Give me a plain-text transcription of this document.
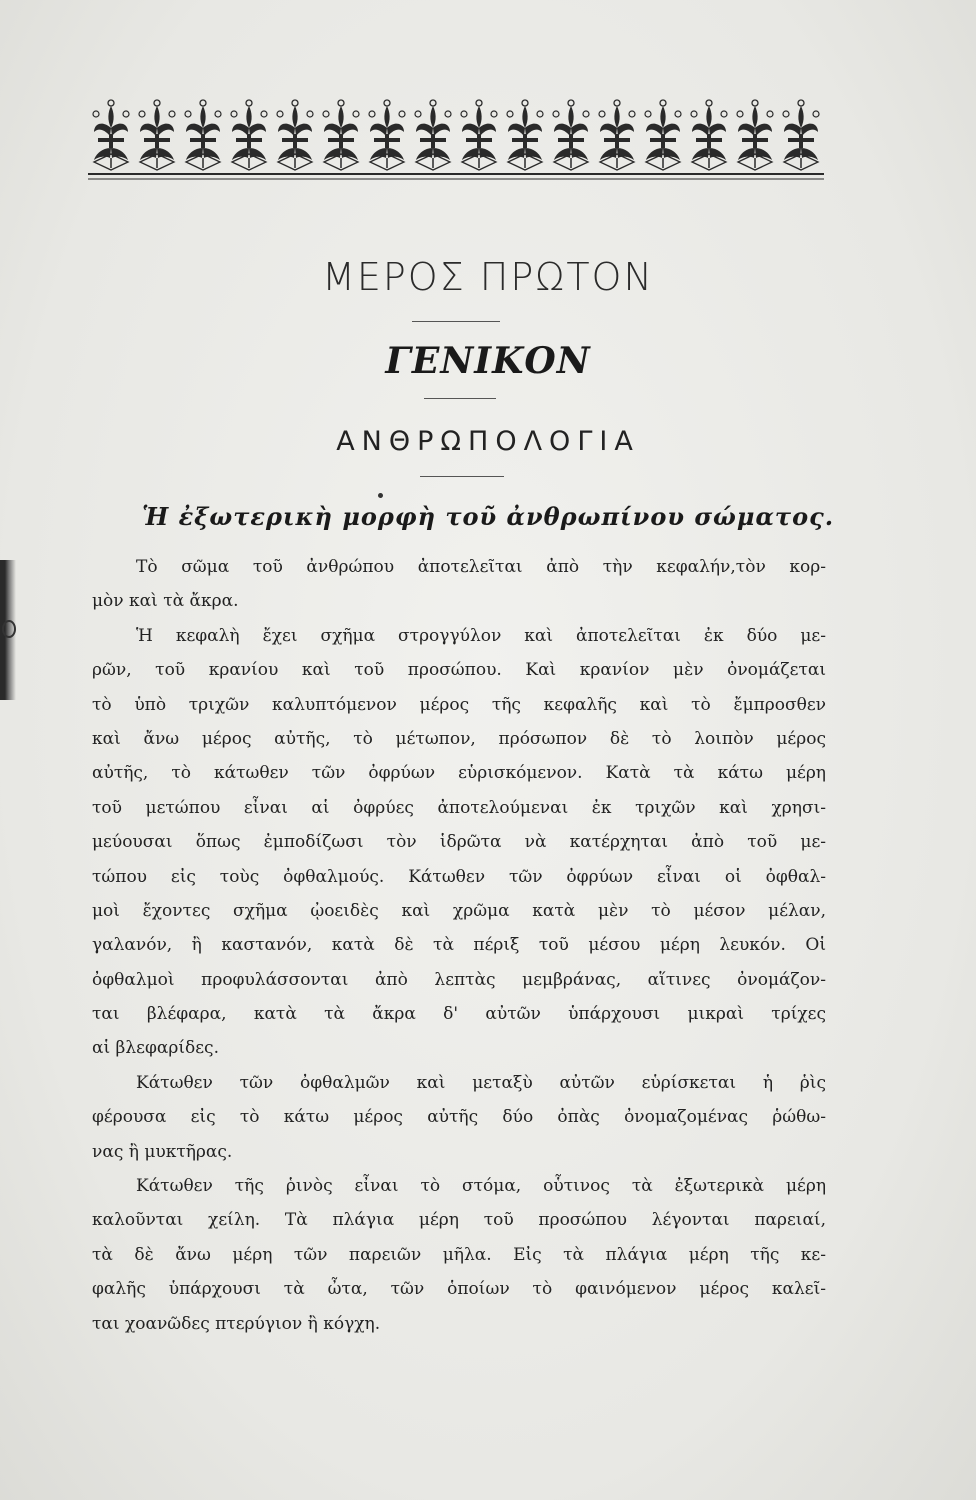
ΜΕΡΟΣ ΠΡΩΤΟΝ
ΓΕΝΙΚΟΝ
ΑΝΘΡΩΠΟΛΟΓΙΑ
Ἡ ἐξωτερικὴ μορφὴ τοῦ ἀνθρωπίνου σώματος.
Τὸ σῶμα τοῦ ἀνθρώπου ἀποτελεῖται ἀπὸ τὴν κεφαλήν,τὸν κορ-
μὸν καὶ τὰ ἄκρα.
Ἡ κεφαλὴ ἔχει σχῆμα στρογγύλον καὶ ἀποτελεῖται ἐκ δύο με-
ρῶν, τοῦ κρανίου καὶ τοῦ προσώπου. Καὶ κρανίον μὲν ὀνομάζεται
τὸ ὑπὸ τριχῶν καλυπτόμενον μέρος τῆς κεφαλῆς καὶ τὸ ἔμπροσθεν
καὶ ἄνω μέρος αὐτῆς, τὸ μέτωπον, πρόσωπον δὲ τὸ λοιπὸν μέρος
αὐτῆς, τὸ κάτωθεν τῶν ὀφρύων εὑρισκόμενον. Κατὰ τὰ κάτω μέρη
τοῦ μετώπου εἶναι αἱ ὀφρύες ἀποτελούμεναι ἐκ τριχῶν καὶ χρησι-
μεύουσαι ὅπως ἐμποδίζωσι τὸν ἱδρῶτα νὰ κατέρχηται ἀπὸ τοῦ με-
τώπου εἰς τοὺς ὀφθαλμούς. Κάτωθεν τῶν ὀφρύων εἶναι οἱ ὀφθαλ-
μοὶ ἔχοντες σχῆμα ᾠοειδὲς καὶ χρῶμα κατὰ μὲν τὸ μέσον μέλαν,
γαλανόν, ἢ καστανόν, κατὰ δὲ τὰ πέριξ τοῦ μέσου μέρη λευκόν. Οἱ
ὀφθαλμοὶ προφυλάσσονται ἀπὸ λεπτὰς μεμβράνας, αἵτινες ὀνομάζον-
ται βλέφαρα, κατὰ τὰ ἄκρα δ' αὐτῶν ὑπάρχουσι μικραὶ τρίχες
αἱ βλεφαρίδες.
Κάτωθεν τῶν ὀφθαλμῶν καὶ μεταξὺ αὐτῶν εὑρίσκεται ἡ ῥὶς
φέρουσα εἰς τὸ κάτω μέρος αὐτῆς δύο ὀπὰς ὀνομαζομένας ῥώθω-
νας ἢ μυκτῆρας.
Κάτωθεν τῆς ῥινὸς εἶναι τὸ στόμα, οὗτινος τὰ ἐξωτερικὰ μέρη
καλοῦνται χείλη. Τὰ πλάγια μέρη τοῦ προσώπου λέγονται παρειαί,
τὰ δὲ ἄνω μέρη τῶν παρειῶν μῆλα. Εἰς τὰ πλάγια μέρη τῆς κε-
φαλῆς ὑπάρχουσι τὰ ὦτα, τῶν ὁποίων τὸ φαινόμενον μέρος καλεῖ-
ται χοανῶδες πτερύγιον ἢ κόγχη.
